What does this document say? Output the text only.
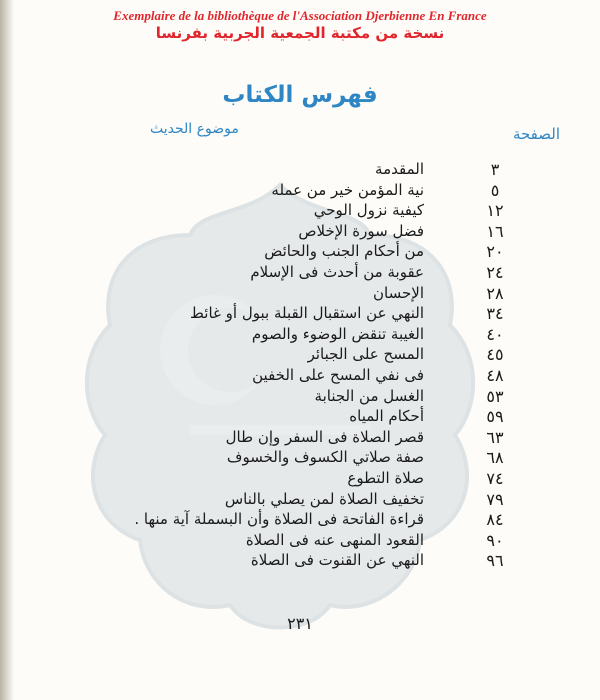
Exemplaire de la bibliothèque de l'Association Djerbienne En France
نسخة من مكتبة الجمعية الجربية بفرنسا
فهرس الكتاب
الصفحة
موضوع الحديث
٣
المقدمة
٥
نية المؤمن خير من عمله
١٢
كيفية نزول الوحي
١٦
فضل سورة الإخلاص
٢٠
من أحكام الجنب والحائض
٢٤
عقوبة من أحدث فى الإسلام
٢٨
الإحسان
٣٤
النهي عن استقبال القبلة ببول أو غائط
٤٠
الغيبة تنقض الوضوء والصوم
٤٥
المسح على الجبائر
٤٨
فى نفي المسح على الخفين
٥٣
الغسل من الجنابة
٥٩
أحكام المياه
٦٣
قصر الصلاة فى السفر وإن طال
٦٨
صفة صلاتي الكسوف والخسوف
٧٤
صلاة التطوع
٧٩
تخفيف الصلاة لمن يصلي بالناس
٨٤
قراءة الفاتحة فى الصلاة وأن البسملة آية منها .
٩٠
القعود المنهى عنه فى الصلاة
٩٦
النهي عن القنوت فى الصلاة
٢٣١
